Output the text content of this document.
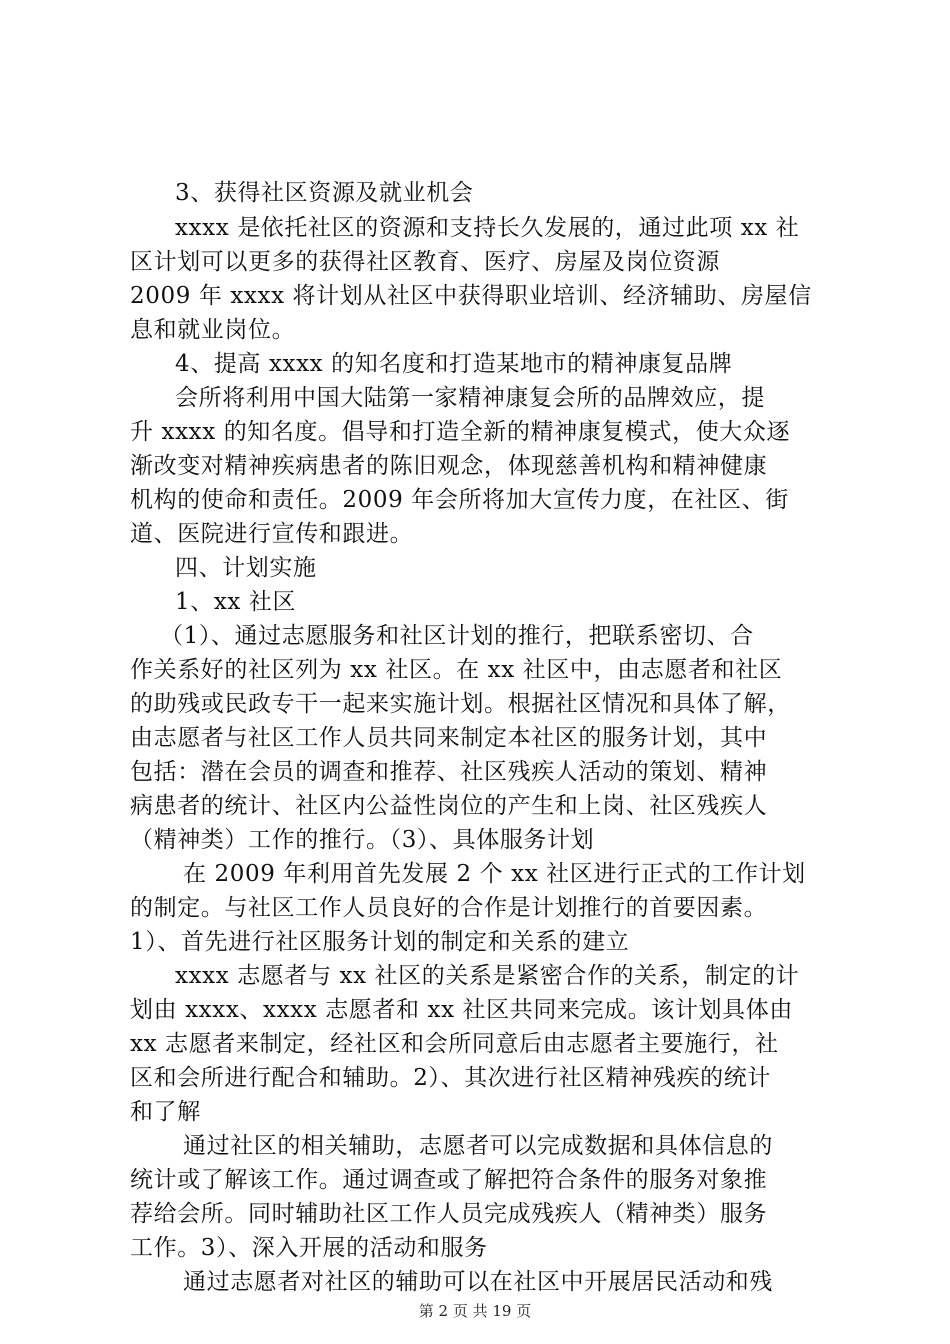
3、获得社区资源及就业机会
xxxx 是依托社区的资源和支持长久发展的，通过此项 xx 社
区计划可以更多的获得社区教育、医疗、房屋及岗位资源
2009 年 xxxx 将计划从社区中获得职业培训、经济辅助、房屋信
息和就业岗位。
4、提高 xxxx 的知名度和打造某地市的精神康复品牌
会所将利用中国大陆第一家精神康复会所的品牌效应，提
升 xxxx 的知名度。倡导和打造全新的精神康复模式，使大众逐
渐改变对精神疾病患者的陈旧观念，体现慈善机构和精神健康
机构的使命和责任。2009 年会所将加大宣传力度，在社区、街
道、医院进行宣传和跟进。
四、计划实施
1、xx 社区
（1）、通过志愿服务和社区计划的推行，把联系密切、合
作关系好的社区列为 xx 社区。在 xx 社区中，由志愿者和社区
的助残或民政专干一起来实施计划。根据社区情况和具体了解，
由志愿者与社区工作人员共同来制定本社区的服务计划，其中
包括：潜在会员的调查和推荐、社区残疾人活动的策划、精神
病患者的统计、社区内公益性岗位的产生和上岗、社区残疾人
（精神类）工作的推行。（3）、具体服务计划
在 2009 年利用首先发展 2 个 xx 社区进行正式的工作计划
的制定。与社区工作人员良好的合作是计划推行的首要因素。
1）、首先进行社区服务计划的制定和关系的建立
xxxx 志愿者与 xx 社区的关系是紧密合作的关系，制定的计
划由 xxxx、xxxx 志愿者和 xx 社区共同来完成。该计划具体由
xx 志愿者来制定，经社区和会所同意后由志愿者主要施行，社
区和会所进行配合和辅助。2）、其次进行社区精神残疾的统计
和了解
通过社区的相关辅助，志愿者可以完成数据和具体信息的
统计或了解该工作。通过调查或了解把符合条件的服务对象推
荐给会所。同时辅助社区工作人员完成残疾人（精神类）服务
工作。3）、深入开展的活动和服务
通过志愿者对社区的辅助可以在社区中开展居民活动和残
第 2 页 共 19 页
